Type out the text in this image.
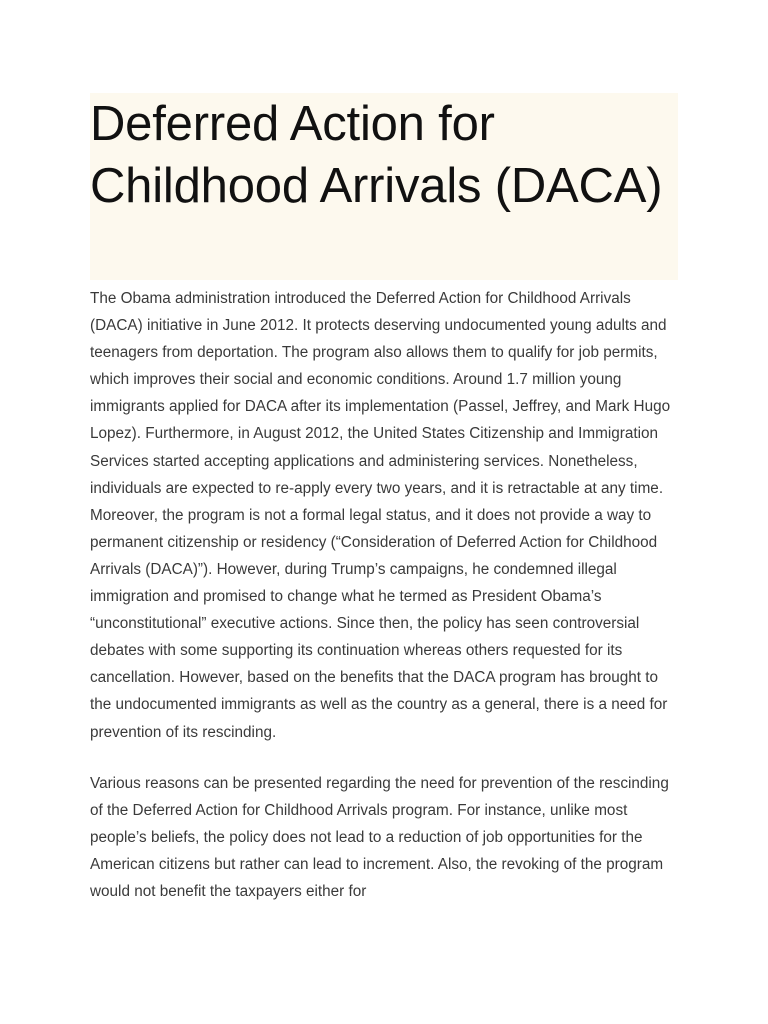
Deferred Action for Childhood Arrivals (DACA)

The Obama administration introduced the Deferred Action for Childhood Arrivals (DACA) initiative in June 2012. It protects deserving undocumented young adults and teenagers from deportation. The program also allows them to qualify for job permits, which improves their social and economic conditions. Around 1.7 million young immigrants applied for DACA after its implementation (Passel, Jeffrey, and Mark Hugo Lopez). Furthermore, in August 2012, the United States Citizenship and Immigration Services started accepting applications and administering services. Nonetheless, individuals are expected to re-apply every two years, and it is retractable at any time. Moreover, the program is not a formal legal status, and it does not provide a way to permanent citizenship or residency (“Consideration of Deferred Action for Childhood Arrivals (DACA)”). However, during Trump’s campaigns, he condemned illegal immigration and promised to change what he termed as President Obama’s “unconstitutional” executive actions. Since then, the policy has seen controversial debates with some supporting its continuation whereas others requested for its cancellation. However, based on the benefits that the DACA program has brought to the undocumented immigrants as well as the country as a general, there is a need for prevention of its rescinding.

Various reasons can be presented regarding the need for prevention of the rescinding of the Deferred Action for Childhood Arrivals program. For instance, unlike most people’s beliefs, the policy does not lead to a reduction of job opportunities for the American citizens but rather can lead to increment. Also, the revoking of the program would not benefit the taxpayers either for
